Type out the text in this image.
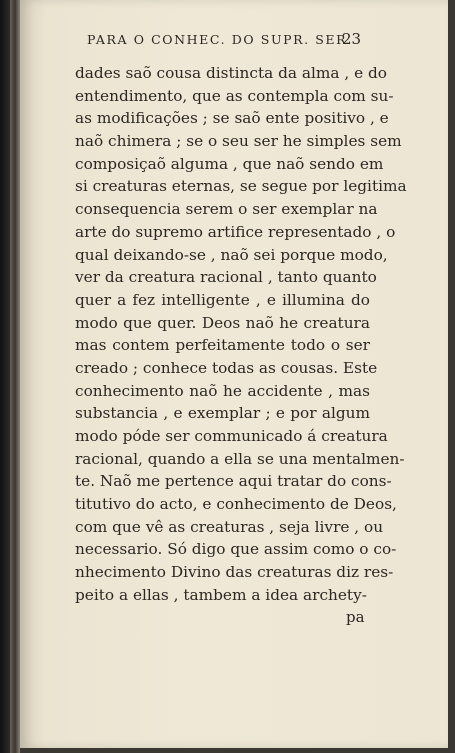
PARA O CONHEC. DO SUPR. SER
23
dades saõ cousa distincta da alma , e do
entendimento, que as contempla com su-
as modificações ; se saõ ente positivo , e
naõ chimera ; se o seu ser he simples sem
composiçaõ alguma , que naõ sendo em
si creaturas eternas, se segue por legitima
consequencia serem o ser exemplar na
arte do supremo artifice representado , o
qual deixando-se , naõ sei porque modo,
ver da creatura racional , tanto quanto
quer a fez intelligente , e illumina do
modo que quer. Deos naõ he creatura
mas contem perfeitamente todo o ser
creado ; conhece todas as cousas. Este
conhecimento naõ he accidente , mas
substancia , e exemplar ; e por algum
modo póde ser communicado á creatura
racional, quando a ella se una mentalmen-
te. Naõ me pertence aqui tratar do cons-
titutivo do acto, e conhecimento de Deos,
com que vê as creaturas , seja livre , ou
necessario. Só digo que assim como o co-
nhecimento Divino das creaturas diz res-
peito a ellas , tambem a idea archety-
pa
